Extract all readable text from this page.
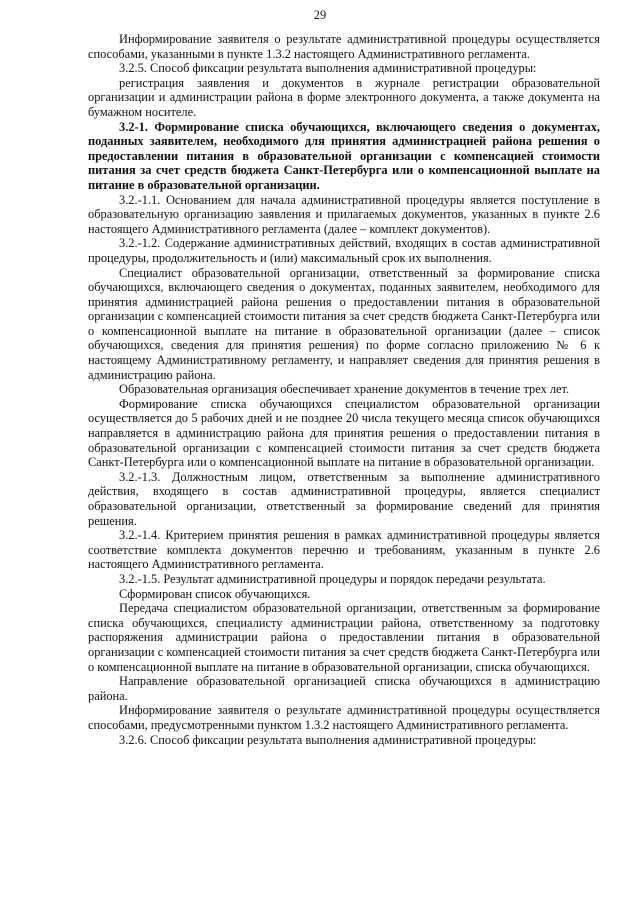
29

Информирование заявителя о результате административной процедуры осуществляется способами, указанными в пункте 1.3.2 настоящего Административного регламента.

3.2.5. Способ фиксации результата выполнения административной процедуры:

регистрация заявления и документов в журнале регистрации образовательной организации и администрации района в форме электронного документа, а также документа на бумажном носителе.

3.2-1. Формирование списка обучающихся, включающего сведения о документах, поданных заявителем, необходимого для принятия администрацией района решения о предоставлении питания в образовательной организации с компенсацией стоимости питания за счет средств бюджета Санкт-Петербурга или о компенсационной выплате на питание в образовательной организации.

3.2.-1.1. Основанием для начала административной процедуры является поступление в образовательную организацию заявления и прилагаемых документов, указанных в пункте 2.6 настоящего Административного регламента (далее – комплект документов).

3.2.-1.2. Содержание административных действий, входящих в состав административной процедуры, продолжительность и (или) максимальный срок их выполнения.

Специалист образовательной организации, ответственный за формирование списка обучающихся, включающего сведения о документах, поданных заявителем, необходимого для принятия администрацией района решения о предоставлении питания в образовательной организации с компенсацией стоимости питания за счет средств бюджета Санкт-Петербурга или о компенсационной выплате на питание в образовательной организации (далее – список обучающихся, сведения для принятия решения) по форме согласно приложению № 6 к настоящему Административному регламенту, и направляет сведения для принятия решения в администрацию района.

Образовательная организация обеспечивает хранение документов в течение трех лет.

Формирование списка обучающихся специалистом образовательной организации осуществляется до 5 рабочих дней и не позднее 20 числа текущего месяца список обучающихся направляется в администрацию района для принятия решения о предоставлении питания в образовательной организации с компенсацией стоимости питания за счет средств бюджета Санкт-Петербурга или о компенсационной выплате на питание в образовательной организации.

3.2.-1.3. Должностным лицом, ответственным за выполнение административного действия, входящего в состав административной процедуры, является специалист образовательной организации, ответственный за формирование сведений для принятия решения.

3.2.-1.4. Критерием принятия решения в рамках административной процедуры является соответствие комплекта документов перечню и требованиям, указанным в пункте 2.6 настоящего Административного регламента.

3.2.-1.5. Результат административной процедуры и порядок передачи результата.

Сформирован список обучающихся.

Передача специалистом образовательной организации, ответственным за формирование списка обучающихся, специалисту администрации района, ответственному за подготовку распоряжения администрации района о предоставлении питания в образовательной организации с компенсацией стоимости питания за счет средств бюджета Санкт-Петербурга или о компенсационной выплате на питание в образовательной организации, списка обучающихся.

Направление образовательной организацией списка обучающихся в администрацию района.

Информирование заявителя о результате административной процедуры осуществляется способами, предусмотренными пунктом 1.3.2 настоящего Административного регламента.

3.2.6. Способ фиксации результата выполнения административной процедуры:
